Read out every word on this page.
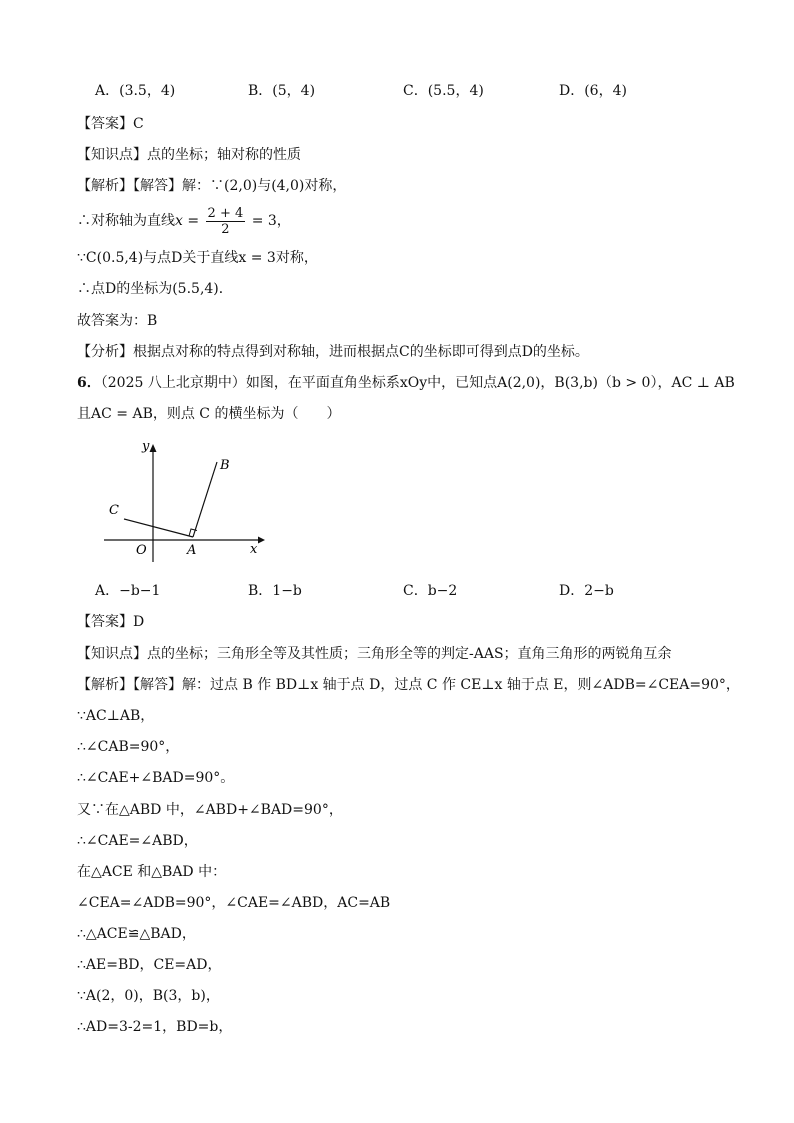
A．(3.5，4)	B．(5，4)	C．(5.5，4)	D．(6，4)
【答案】C
【知识点】点的坐标；轴对称的性质
【解析】【解答】解：∵(2,0)与(4,0)对称，
∴对称轴为直线$x = \frac{2 + 4}{2} = 3$，
∵C(0.5,4)与点D关于直线x = 3对称，
∴点D的坐标为(5.5,4)．
故答案为：B
【分析】根据点对称的特点得到对称轴，进而根据点C的坐标即可得到点D的坐标。
6．（2025 八上北京期中）如图，在平面直角坐标系xOy中，已知点A(2,0)，B(3,b)（b > 0），AC ⊥ AB
且AC = AB，则点 C 的横坐标为（　　）
y
x
O	A
B
C
A．−b−1	B．1−b	C．b−2	D．2−b
【答案】D
【知识点】点的坐标；三角形全等及其性质；三角形全等的判定-AAS；直角三角形的两锐角互余
【解析】【解答】解：过点 B 作 BD⊥x 轴于点 D，过点 C 作 CE⊥x 轴于点 E，则∠ADB=∠CEA=90°，
∵AC⊥AB，
∴∠CAB=90°，
∴∠CAE+∠BAD=90°。
又∵在△ABD 中，∠ABD+∠BAD=90°，
∴∠CAE=∠ABD，
在△ACE 和△BAD 中：
∠CEA=∠ADB=90°，∠CAE=∠ABD，AC=AB
∴△ACE≌△BAD，
∴AE=BD，CE=AD，
∵A(2，0)，B(3，b)，
∴AD=3-2=1，BD=b，
